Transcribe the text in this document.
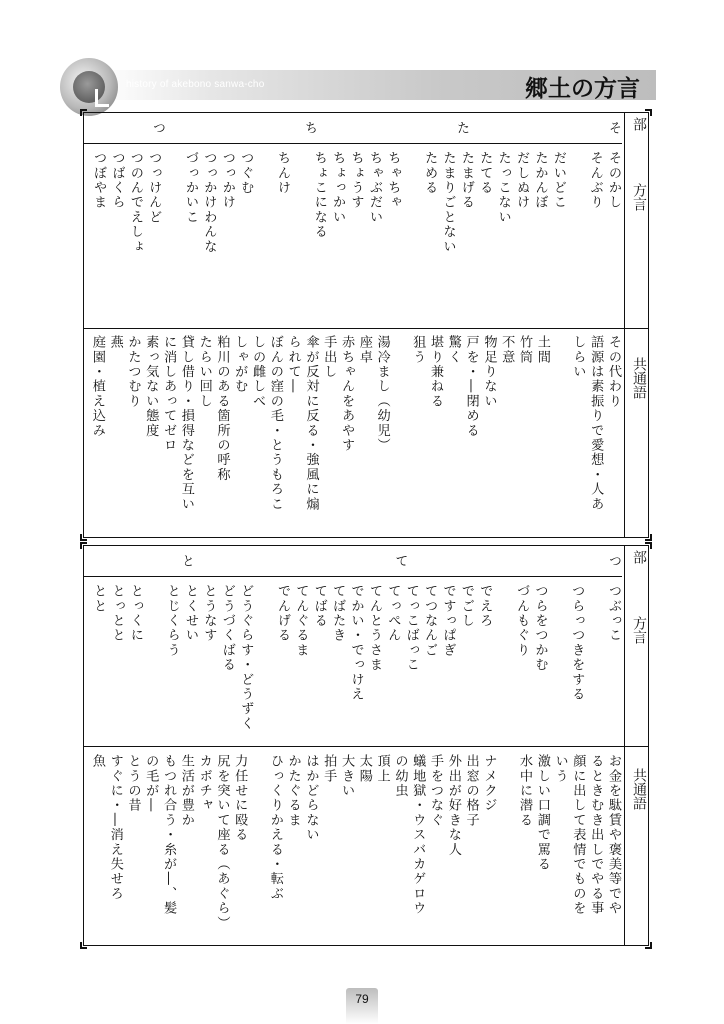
history of akebono sanwa-cho	郷土の方言
部
方言
共通語
そ
た
ち
つ
そのかし
そんぶり
だいどこ
たかんぼ
だしぬけ
たっこない
たてる
たまげる
たまりごとない
ためる
ちゃちゃ
ちゃぶだい
ちょうす
ちょっかい
ちょこになる
ちんけ
つぐむ
つっかけ
つっかけわんな
づっかいこ
つっけんど
つのんでえしょ
つばくら
つぼやま
その代わり
語源は素振りで愛想・人あ
しらい
土間
竹筒
不意
物足りない
戸を・―閉める
驚く
堪り兼ねる
狙う
湯冷まし（幼児）
座卓
赤ちゃんをあやす
手出し
傘が反対に反る・強風に煽
られて―
ぼんの窪の毛・とうもろこ
しの雌しべ
しゃがむ
粕川のある箇所の呼称
たらい回し
貸し借り・損得などを互い
に消しあってゼロ
素っ気ない態度
かたつむり
燕
庭園・植え込み
部
方言
共通語
つ
て
と
つぶっこ
つらっつきをする
つらをつかむ
づんもぐり
でえろ
でごし
ですっぱぎ
てつなんご
てっこばっこ
てっぺん
てんとうさま
でかい・でっけえ
てばたき
てばる
てんぐるま
でんげる
どうぐらす・どうずく
どうづくばる
とうなす
とくせい
とじくらう
とっくに
とっとと
とと
お金を駄賃や褒美等でや
るときむき出しでやる事
顔に出して表情でものを
いう
激しい口調で罵る
水中に潜る
ナメクジ
出窓の格子
外出が好きな人
手をつなぐ
蟻地獄・ウスバカゲロウ
の幼虫
頂上
太陽
大きい
拍手
はかどらない
かたぐるま
ひっくりかえる・転ぶ
力任せに殴る
尻を突いて座る（あぐら）
カボチャ
生活が豊か
もつれ合う・糸が―、髪
の毛が―
とうの昔
すぐに・―消え失せろ
魚
79
